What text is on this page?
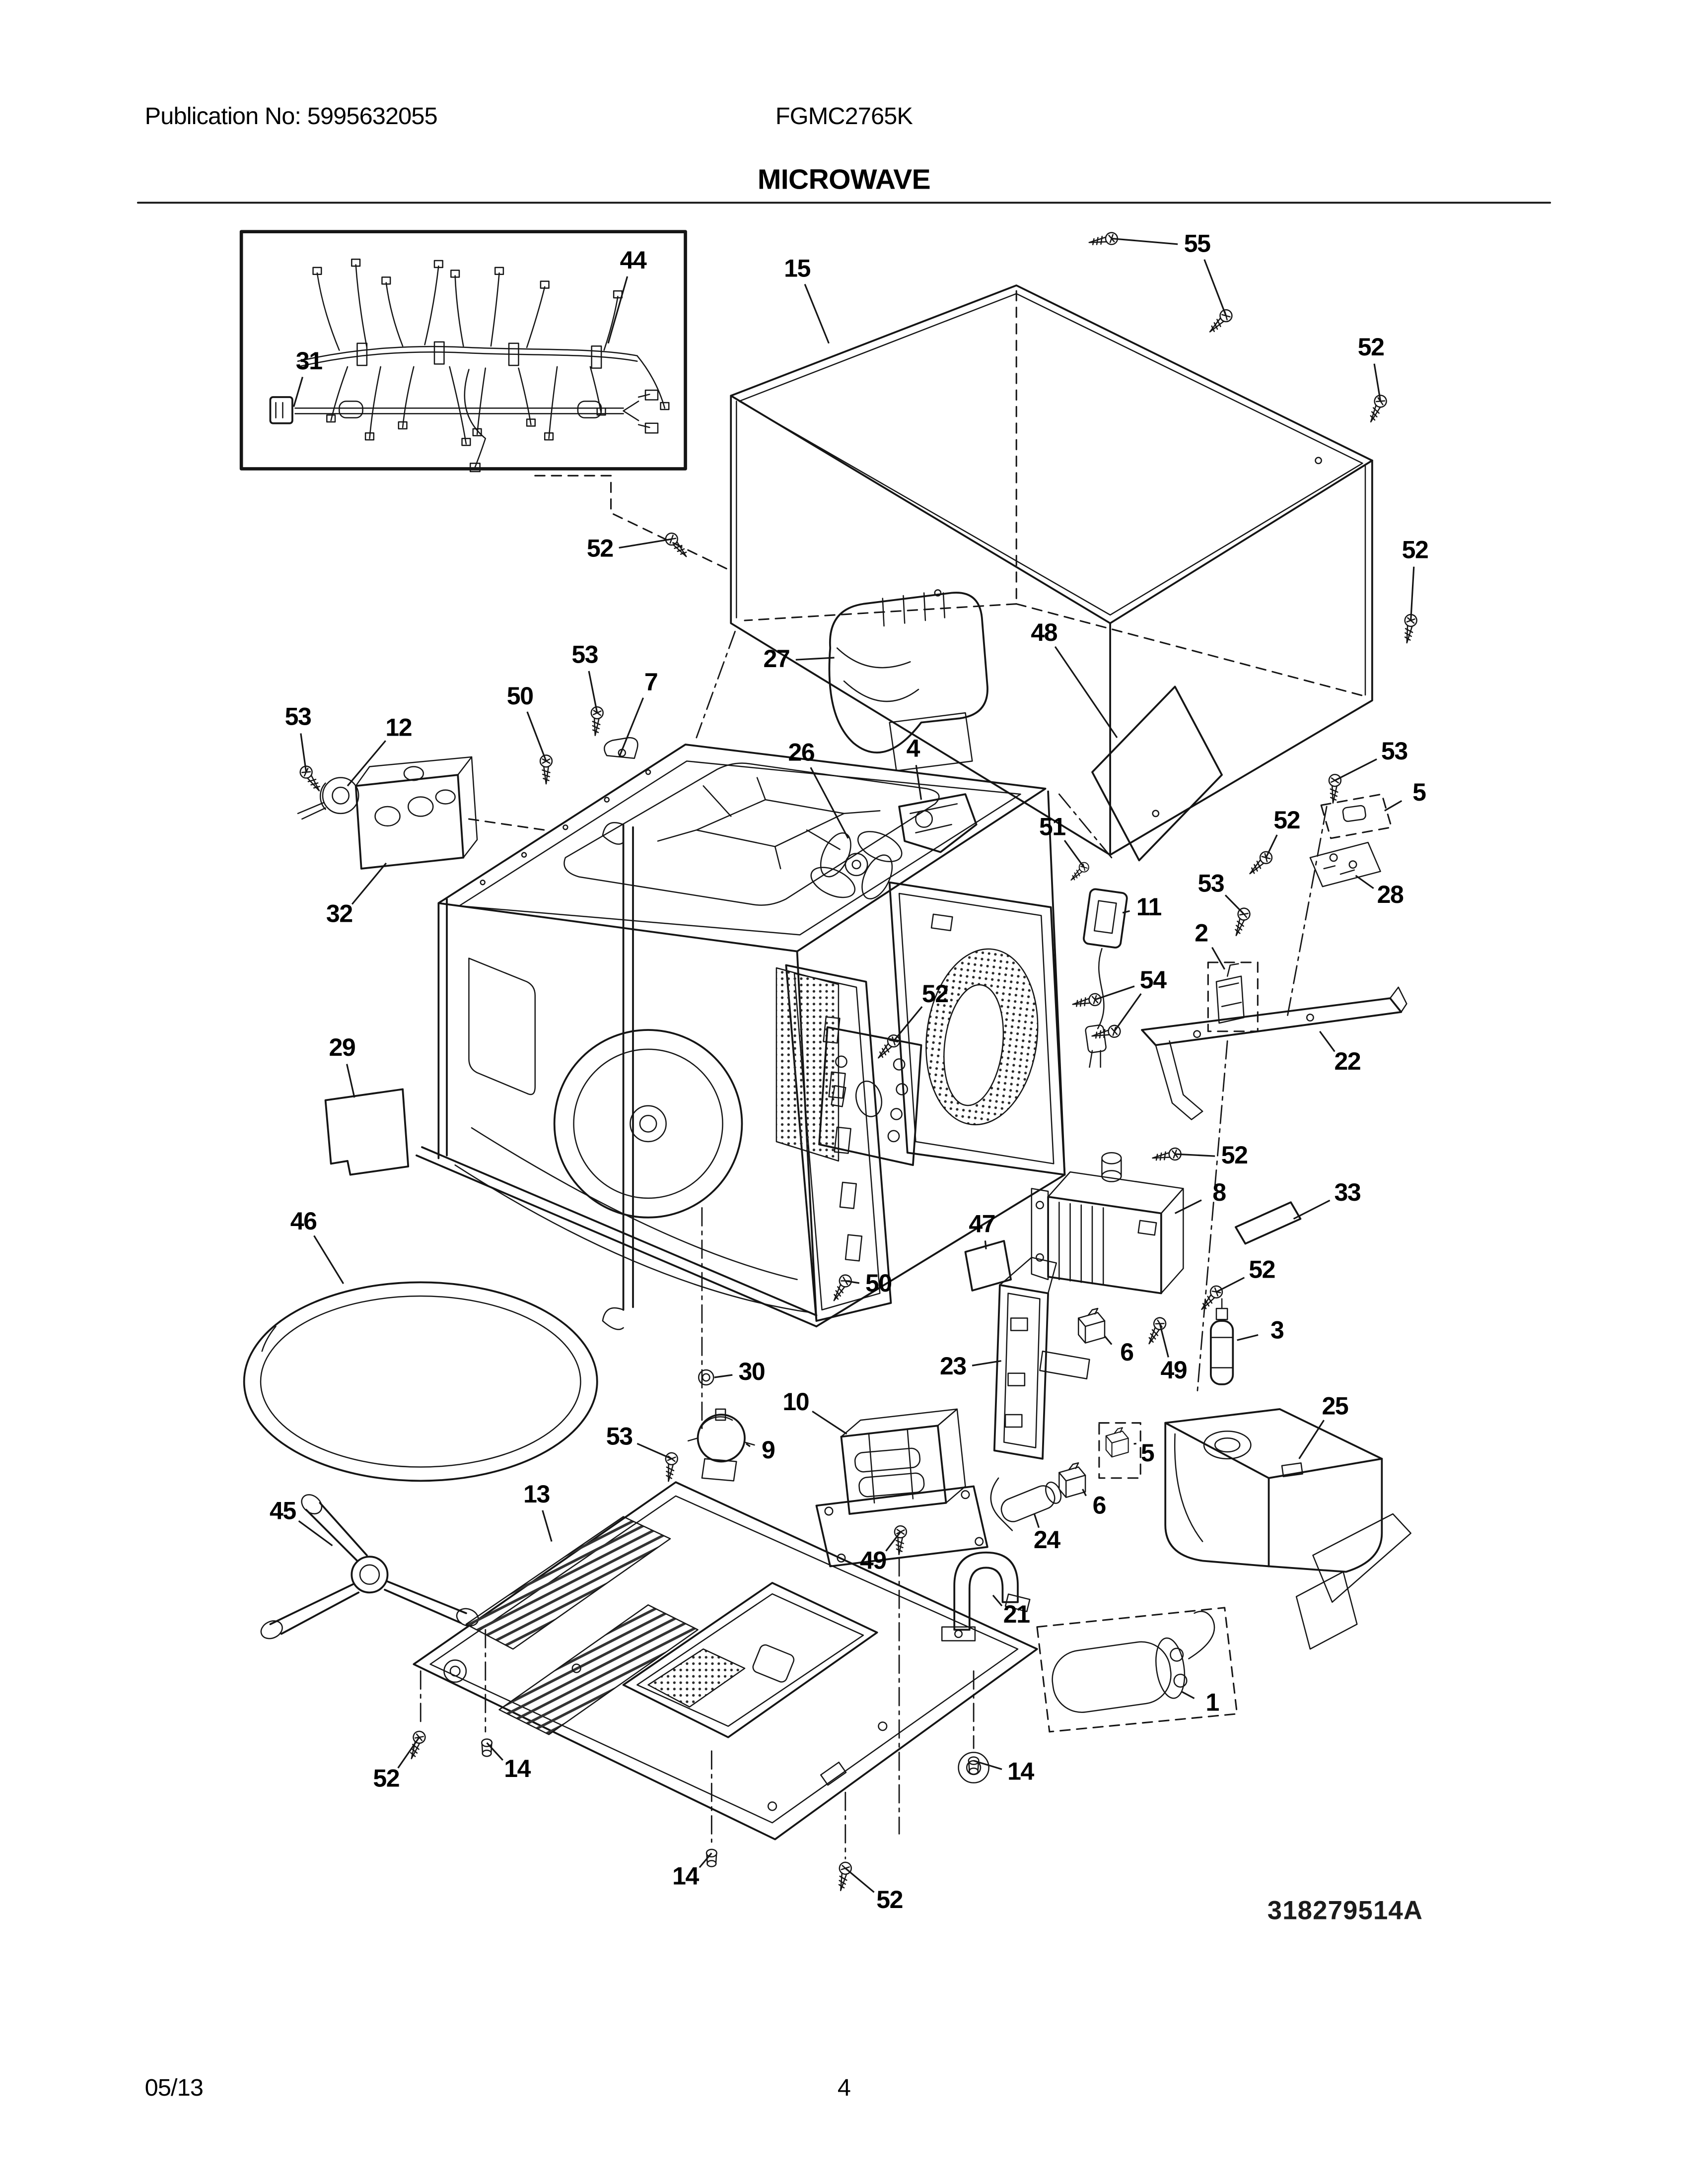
Publication No: 5995632055	FGMC2765K
MICROWAVE
318279514A
05/13	4
44
31
15
55
52
52
27
48
53
50	7
53	12
26	4
52
53
5
51	52
53	28
11
2
54
22
32
52
29
52
8	33
46	47
50	52
3
6
49
23
30
10
53	9	5
25
6
45
13
24
49
21
1
52	14	14
14
52
